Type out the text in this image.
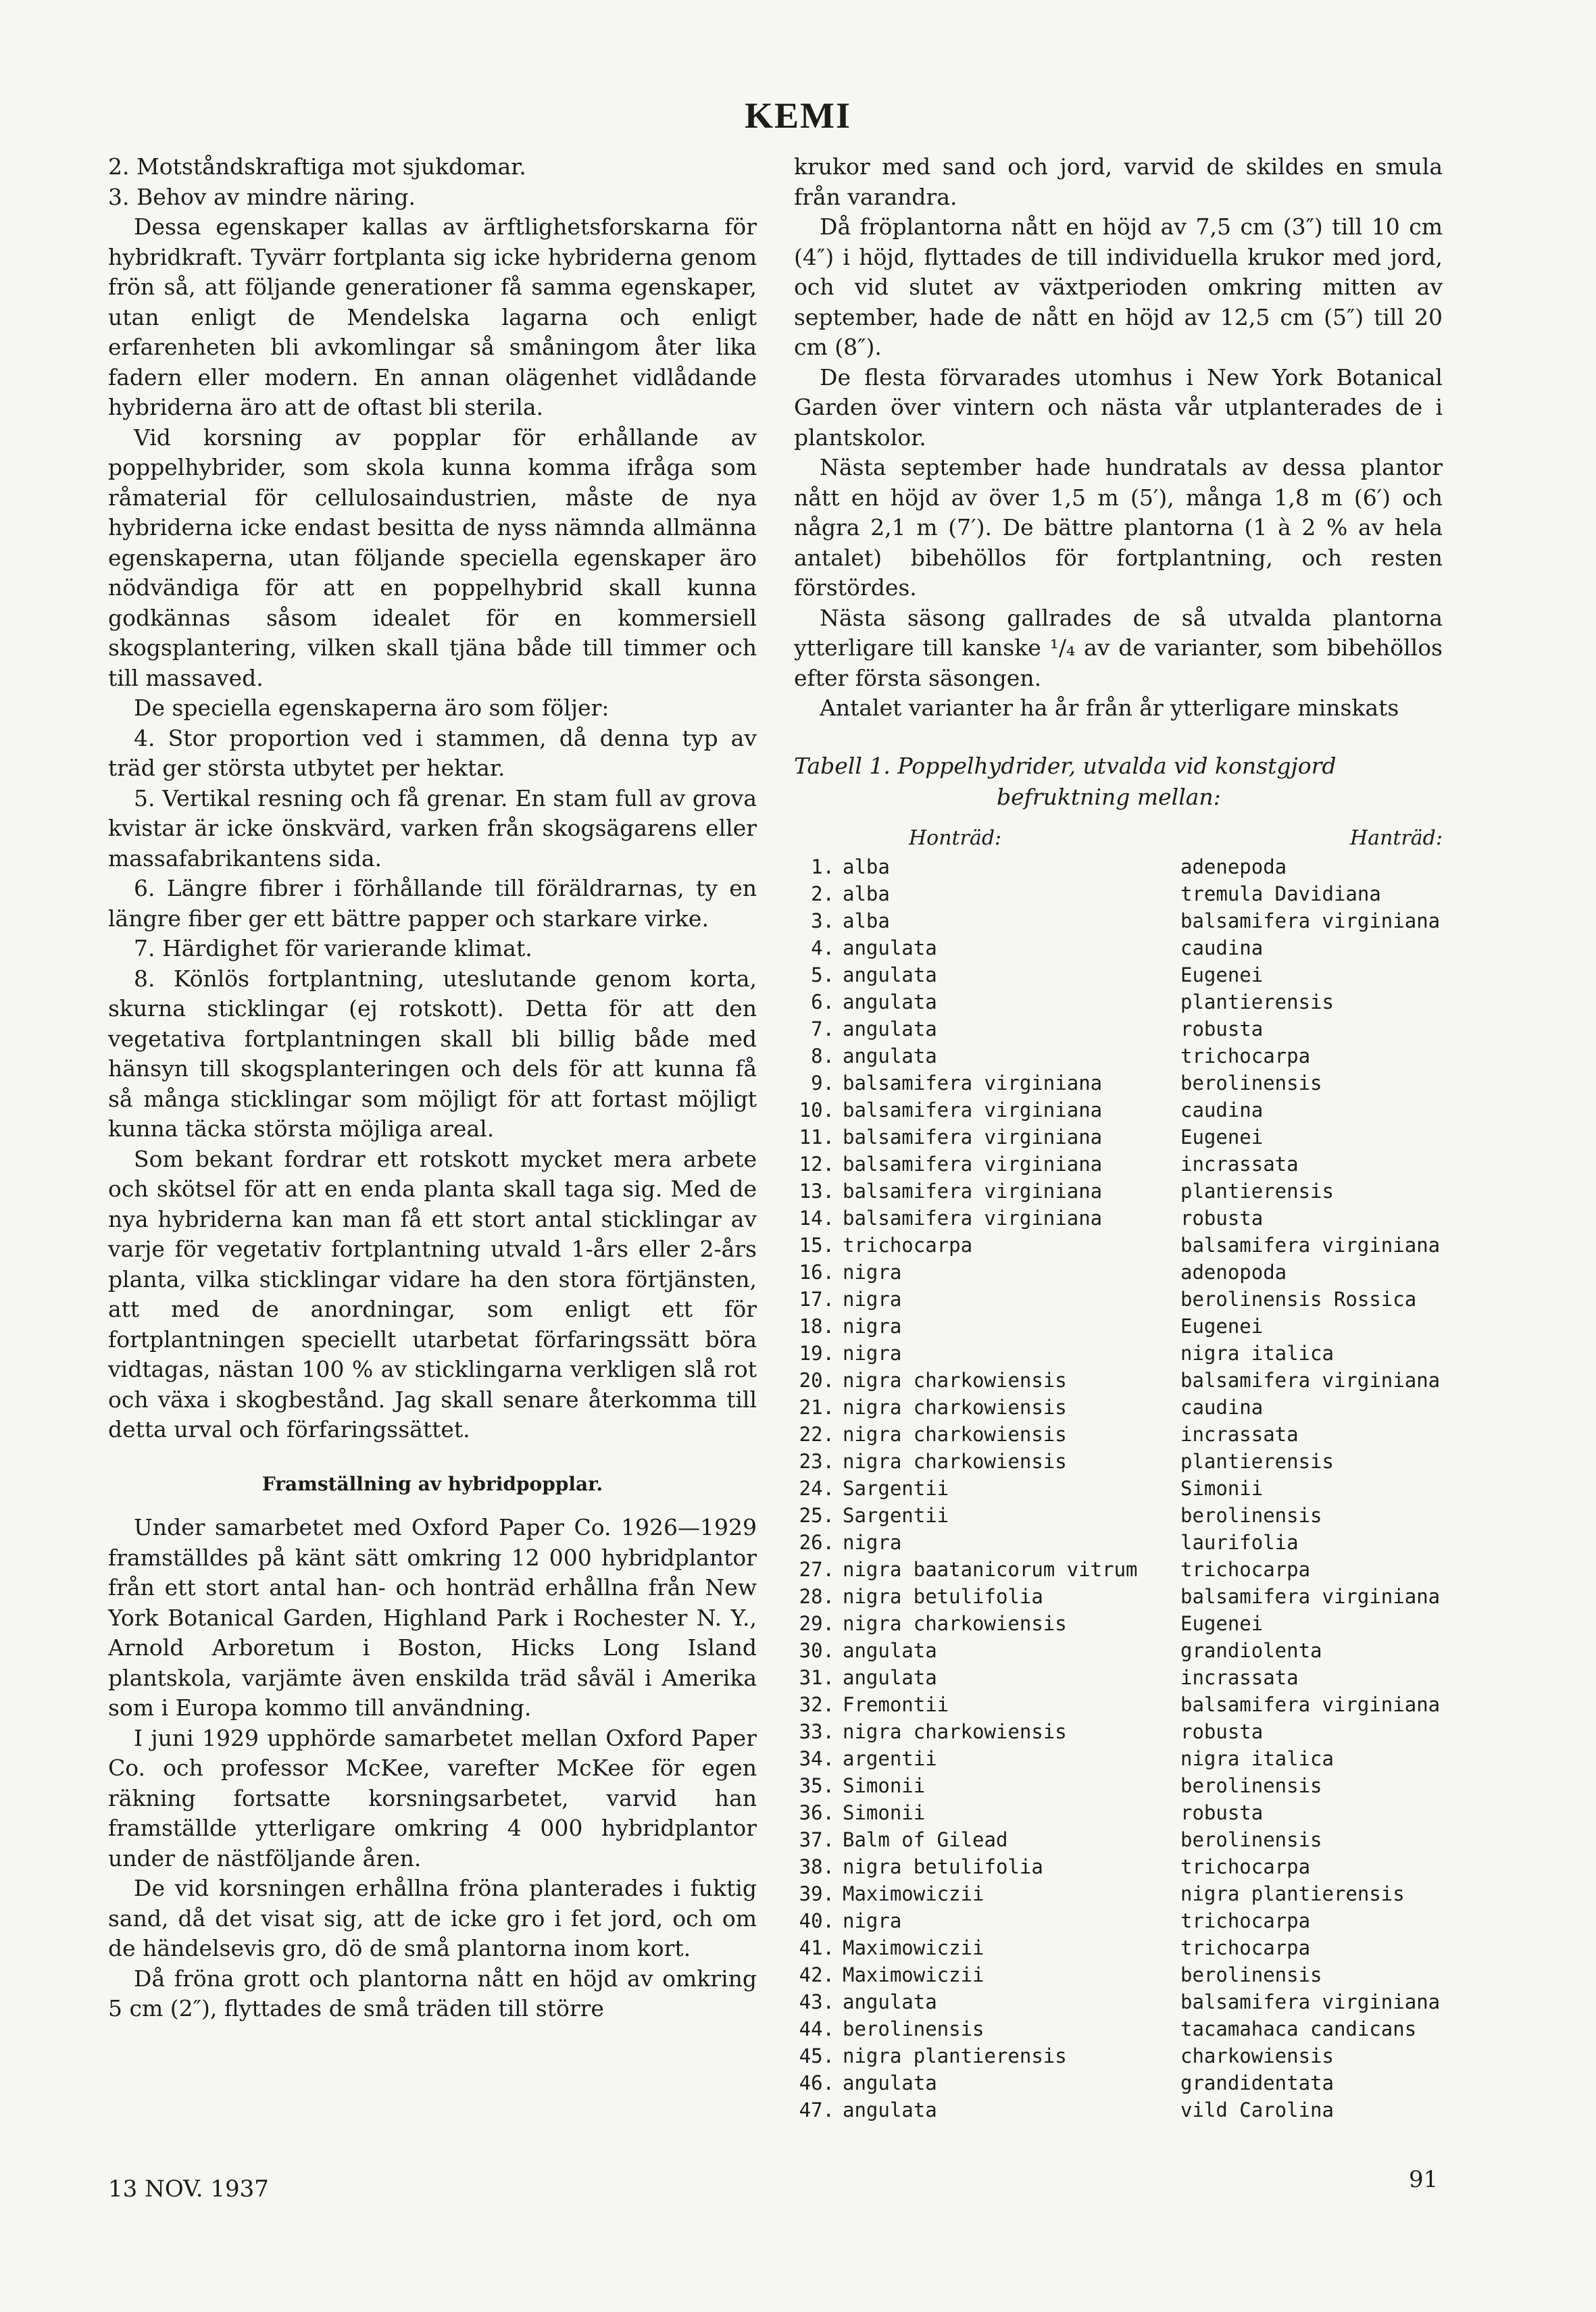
KEMI

2. Motståndskraftiga mot sjukdomar.

3. Behov av mindre näring.

Dessa egenskaper kallas av ärftlighetsforskarna för hybridkraft. Tyvärr fortplanta sig icke hybriderna genom frön så, att följande generationer få samma egenskaper, utan enligt de Mendelska lagarna och enligt erfarenheten bli avkomlingar så småningom åter lika fadern eller modern. En annan olägenhet vidlådande hybriderna äro att de oftast bli sterila.

Vid korsning av popplar för erhållande av poppelhybrider, som skola kunna komma ifråga som råmaterial för cellulosaindustrien, måste de nya hybriderna icke endast besitta de nyss nämnda allmänna egenskaperna, utan följande speciella egenskaper äro nödvändiga för att en poppelhybrid skall kunna godkännas såsom idealet för en kommersiell skogsplantering, vilken skall tjäna både till timmer och till massaved.

De speciella egenskaperna äro som följer:

4. Stor proportion ved i stammen, då denna typ av träd ger största utbytet per hektar.

5. Vertikal resning och få grenar. En stam full av grova kvistar är icke önskvärd, varken från skogsägarens eller massafabrikantens sida.

6. Längre fibrer i förhållande till föräldrarnas, ty en längre fiber ger ett bättre papper och starkare virke.

7. Härdighet för varierande klimat.

8. Könlös fortplantning, uteslutande genom korta, skurna sticklingar (ej rotskott). Detta för att den vegetativa fortplantningen skall bli billig både med hänsyn till skogsplanteringen och dels för att kunna få så många sticklingar som möjligt för att fortast möjligt kunna täcka största möjliga areal.

Som bekant fordrar ett rotskott mycket mera arbete och skötsel för att en enda planta skall taga sig. Med de nya hybriderna kan man få ett stort antal sticklingar av varje för vegetativ fortplantning utvald 1-års eller 2-års planta, vilka sticklingar vidare ha den stora förtjänsten, att med de anordningar, som enligt ett för fortplantningen speciellt utarbetat förfaringssätt böra vidtagas, nästan 100 % av sticklingarna verkligen slå rot och växa i skogbestånd. Jag skall senare återkomma till detta urval och förfaringssättet.

Framställning av hybridpopplar.

Under samarbetet med Oxford Paper Co. 1926—1929 framställdes på känt sätt omkring 12 000 hybridplantor från ett stort antal han- och honträd erhållna från New York Botanical Garden, Highland Park i Rochester N. Y., Arnold Arboretum i Boston, Hicks Long Island plantskola, varjämte även enskilda träd såväl i Amerika som i Europa kommo till användning.

I juni 1929 upphörde samarbetet mellan Oxford Paper Co. och professor McKee, varefter McKee för egen räkning fortsatte korsningsarbetet, varvid han framställde ytterligare omkring 4 000 hybridplantor under de nästföljande åren.

De vid korsningen erhållna fröna planterades i fuktig sand, då det visat sig, att de icke gro i fet jord, och om de händelsevis gro, dö de små plantorna inom kort.

Då fröna grott och plantorna nått en höjd av omkring 5 cm (2″), flyttades de små träden till större

krukor med sand och jord, varvid de skildes en smula från varandra.

Då fröplantorna nått en höjd av 7,5 cm (3″) till 10 cm (4″) i höjd, flyttades de till individuella krukor med jord, och vid slutet av växtperioden omkring mitten av september, hade de nått en höjd av 12,5 cm (5″) till 20 cm (8″).

De flesta förvarades utomhus i New York Botanical Garden över vintern och nästa vår utplanterades de i plantskolor.

Nästa september hade hundratals av dessa plantor nått en höjd av över 1,5 m (5′), många 1,8 m (6′) och några 2,1 m (7′). De bättre plantorna (1 à 2 % av hela antalet) bibehöllos för fortplantning, och resten förstördes.

Nästa säsong gallrades de så utvalda plantorna ytterligare till kanske ¹/₄ av de varianter, som bibehöllos efter första säsongen.

Antalet varianter ha år från år ytterligare minskats

Tabell 1. Poppelhydrider, utvalda vid konstgjord
befruktning mellan:

Honträd:	Hanträd:
1. alba	adenepoda
2. alba	tremula Davidiana
3. alba	balsamifera virginiana
4. angulata	caudina
5. angulata	Eugenei
6. angulata	plantierensis
7. angulata	robusta
8. angulata	trichocarpa
9. balsamifera virginiana	berolinensis
10. balsamifera virginiana	caudina
11. balsamifera virginiana	Eugenei
12. balsamifera virginiana	incrassata
13. balsamifera virginiana	plantierensis
14. balsamifera virginiana	robusta
15. trichocarpa	balsamifera virginiana
16. nigra	adenopoda
17. nigra	berolinensis Rossica
18. nigra	Eugenei
19. nigra	nigra italica
20. nigra charkowiensis	balsamifera virginiana
21. nigra charkowiensis	caudina
22. nigra charkowiensis	incrassata
23. nigra charkowiensis	plantierensis
24. Sargentii	Simonii
25. Sargentii	berolinensis
26. nigra	laurifolia
27. nigra baatanicorum vitrum	trichocarpa
28. nigra betulifolia	balsamifera virginiana
29. nigra charkowiensis	Eugenei
30. angulata	grandiolenta
31. angulata	incrassata
32. Fremontii	balsamifera virginiana
33. nigra charkowiensis	robusta
34. argentii	nigra italica
35. Simonii	berolinensis
36. Simonii	robusta
37. Balm of Gilead	berolinensis
38. nigra betulifolia	trichocarpa
39. Maximowiczii	nigra plantierensis
40. nigra	trichocarpa
41. Maximowiczii	trichocarpa
42. Maximowiczii	berolinensis
43. angulata	balsamifera virginiana
44. berolinensis	tacamahaca candicans
45. nigra plantierensis	charkowiensis
46. angulata	grandidentata
47. angulata	vild Carolina
13 NOV. 1937	91
